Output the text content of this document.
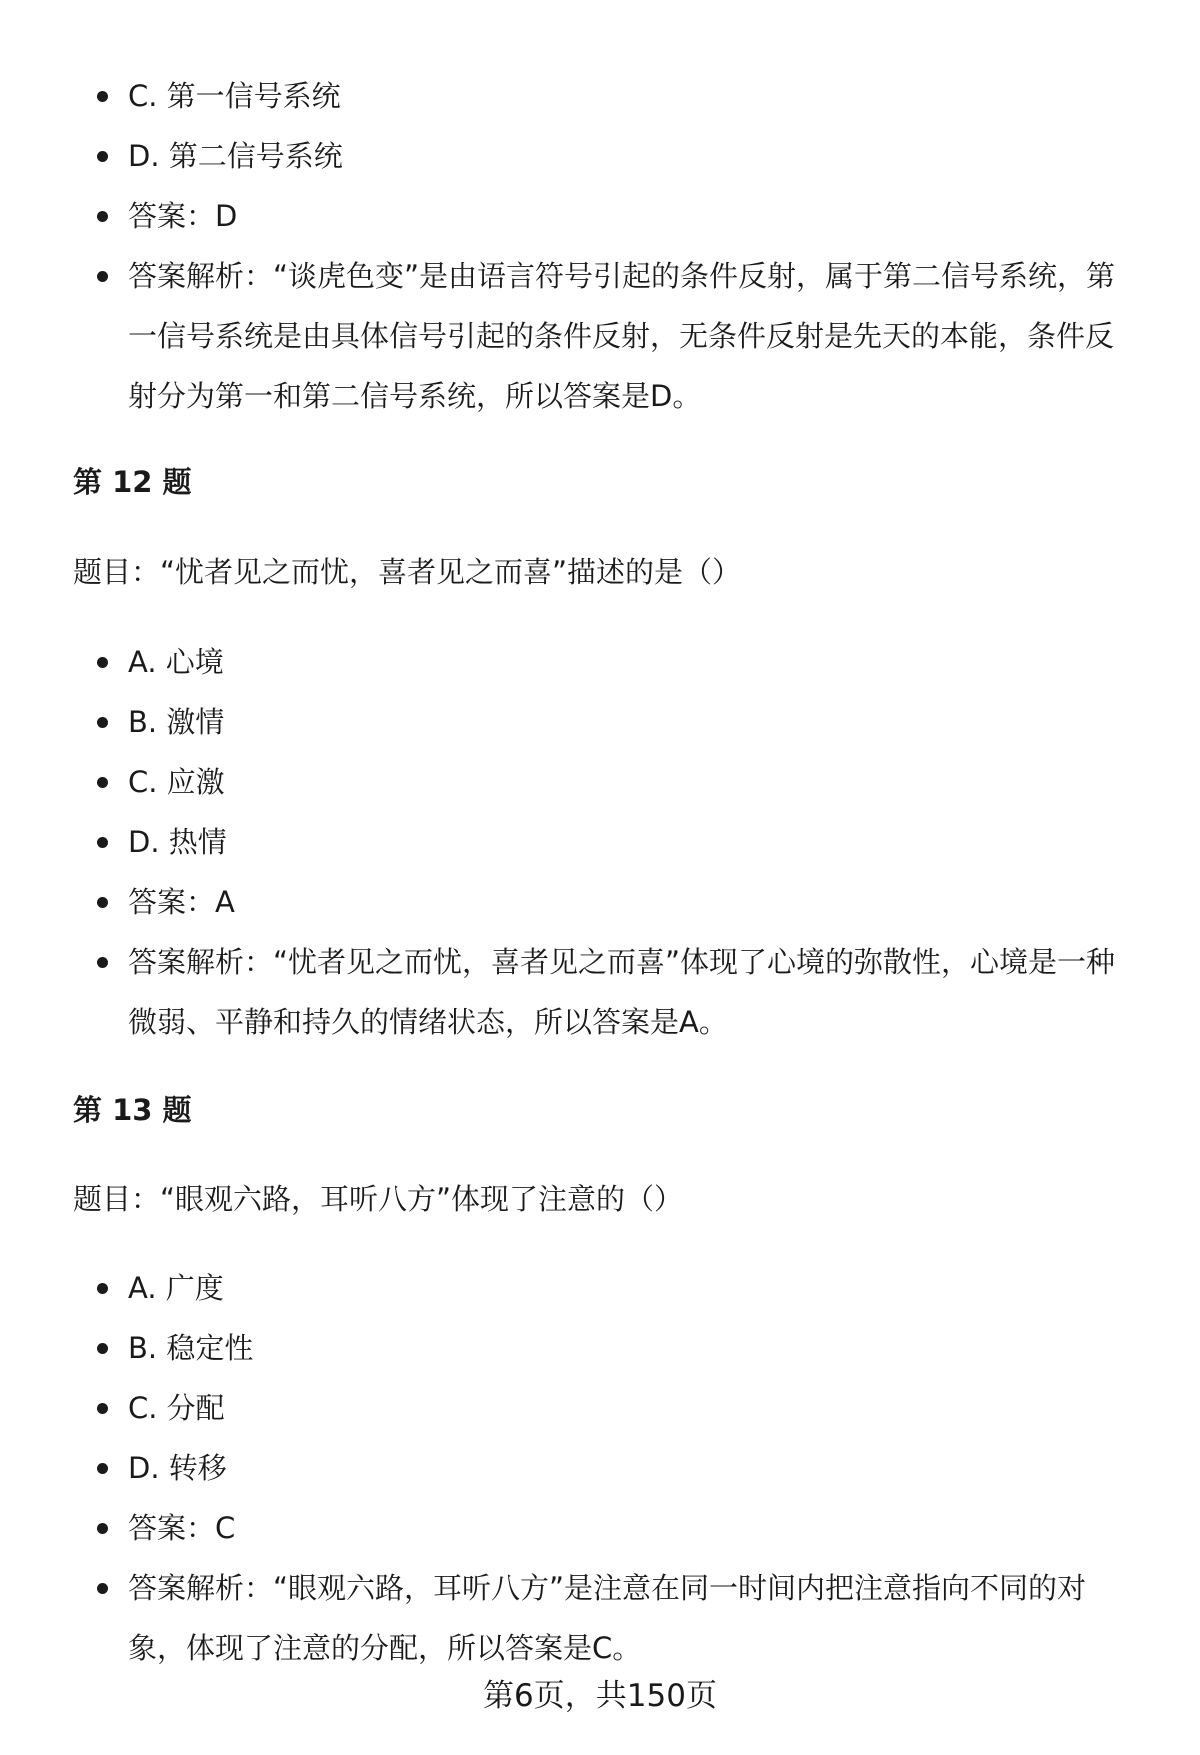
C. 第一信号系统
D. 第二信号系统
答案：D
答案解析：“谈虎色变”是由语言符号引起的条件反射，属于第二信号系统，第一信号系统是由具体信号引起的条件反射，无条件反射是先天的本能，条件反射分为第一和第二信号系统，所以答案是D。
第 12 题

题目：“忧者见之而忧，喜者见之而喜”描述的是（）

A. 心境
B. 激情
C. 应激
D. 热情
答案：A
答案解析：“忧者见之而忧，喜者见之而喜”体现了心境的弥散性，心境是一种微弱、平静和持久的情绪状态，所以答案是A。
第 13 题

题目：“眼观六路，耳听八方”体现了注意的（）

A. 广度
B. 稳定性
C. 分配
D. 转移
答案：C
答案解析：“眼观六路，耳听八方”是注意在同一时间内把注意指向不同的对象，体现了注意的分配，所以答案是C。
第6页，共150页
